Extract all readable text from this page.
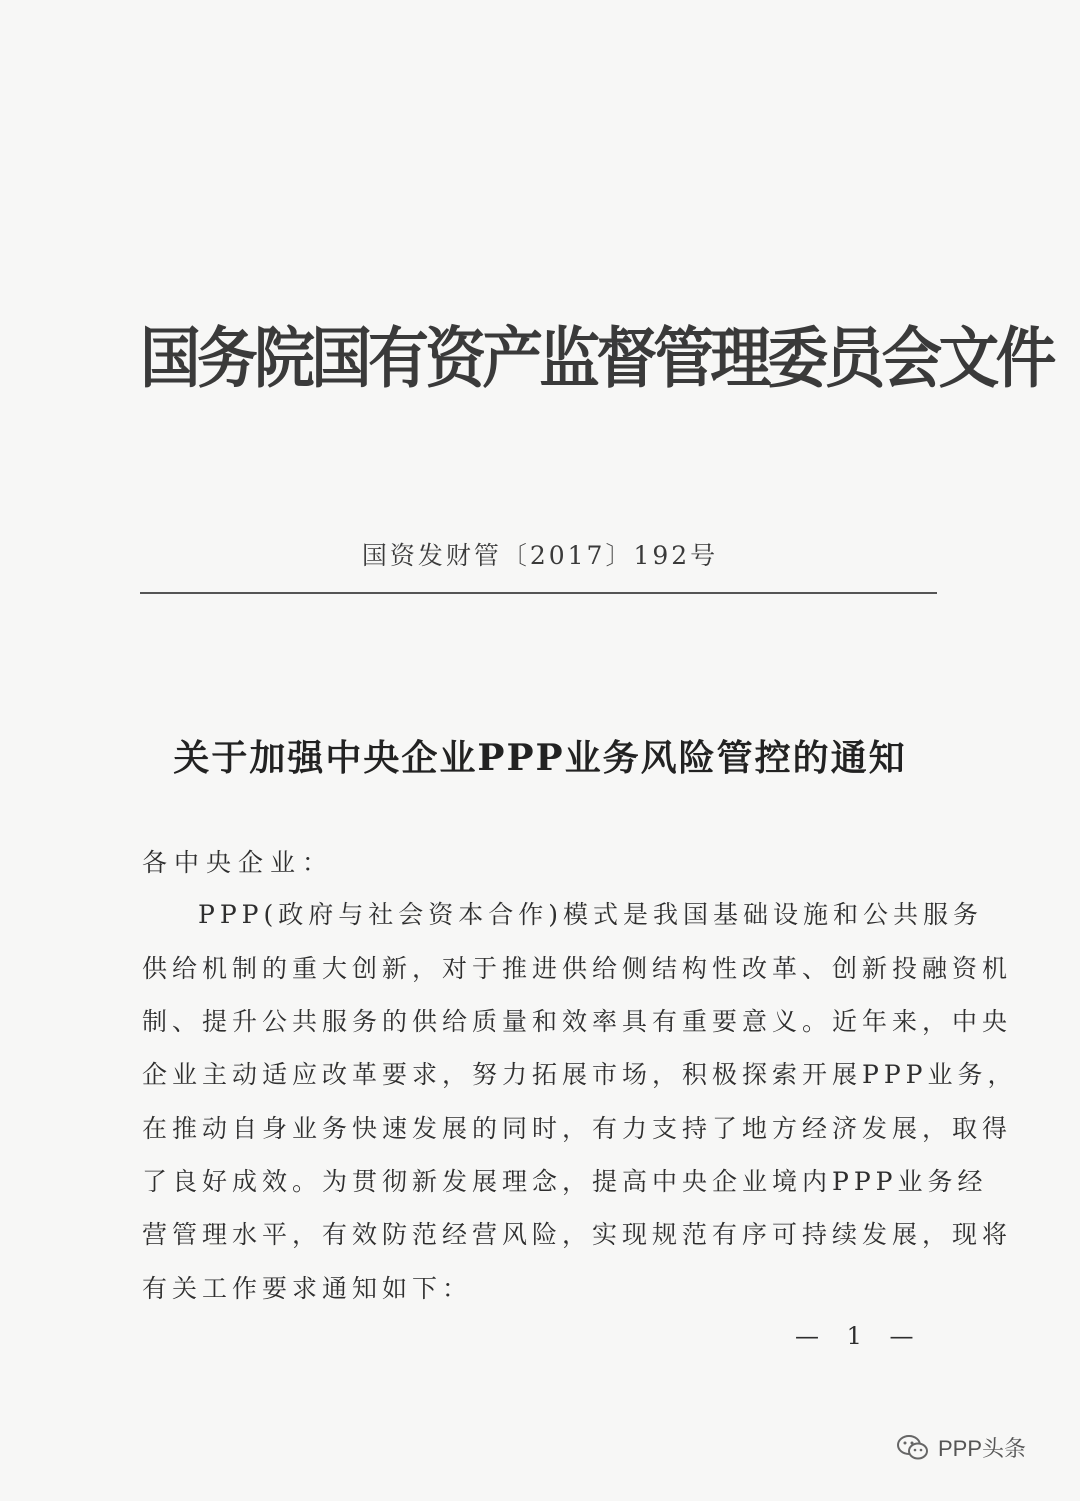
国务院国有资产监督管理委员会文件
国资发财管〔2017〕192号
关于加强中央企业PPP业务风险管控的通知
各中央企业：
PPP(政府与社会资本合作)模式是我国基础设施和公共服务
供给机制的重大创新，对于推进供给侧结构性改革、创新投融资机
制、提升公共服务的供给质量和效率具有重要意义。近年来，中央
企业主动适应改革要求，努力拓展市场，积极探索开展PPP业务，
在推动自身业务快速发展的同时，有力支持了地方经济发展，取得
了良好成效。为贯彻新发展理念，提高中央企业境内PPP业务经
营管理水平，有效防范经营风险，实现规范有序可持续发展，现将
有关工作要求通知如下：
— 1 —
PPP头条
